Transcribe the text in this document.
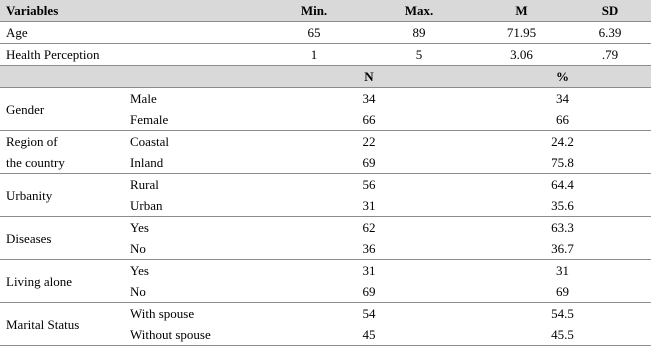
Variables		Min.	Max.	M	SD
Age		65	89	71.95	6.39
Health Perception		1	5	3.06	.79
		N		%	
Gender	Male	34		34	
	Female	66		66	
Region of
the country	Coastal	22		24.2	
	Inland	69		75.8	
Urbanity	Rural	56		64.4	
	Urban	31		35.6	
Diseases	Yes	62		63.3	
	No	36		36.7	
Living alone	Yes	31		31	
	No	69		69	
Marital Status	With spouse	54		54.5	
	Without spouse	45		45.5	
